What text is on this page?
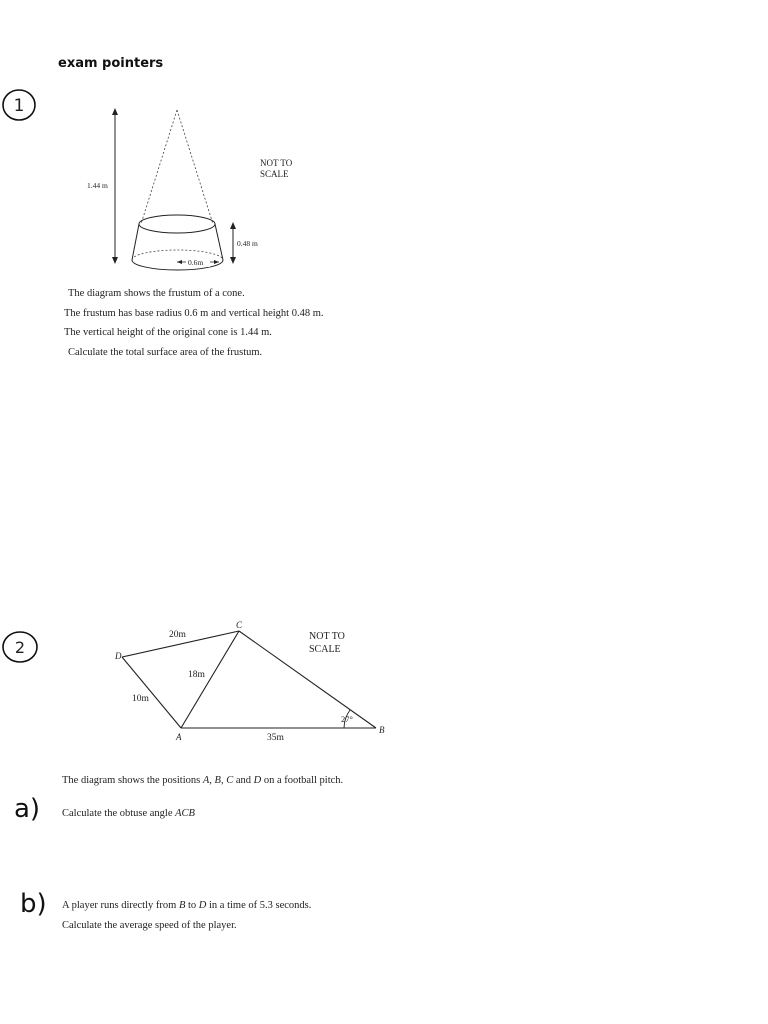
exam pointers
1
1.44 m
0.6m
0.48 m
NOT TO
SCALE
The diagram shows the frustum of a cone.
The frustum has base radius 0.6 m and vertical height 0.48 m.
The vertical height of the original cone is 1.44 m.
Calculate the total surface area of the frustum.
2	D
C
A
B
20m
18m
10m
35m
27°
NOT TO
SCALE
The diagram shows the positions A, B, C and D on a football pitch.
a) Calculate the obtuse angle ACB
b) A player runs directly from B to D in a time of 5.3 seconds.
Calculate the average speed of the player.
